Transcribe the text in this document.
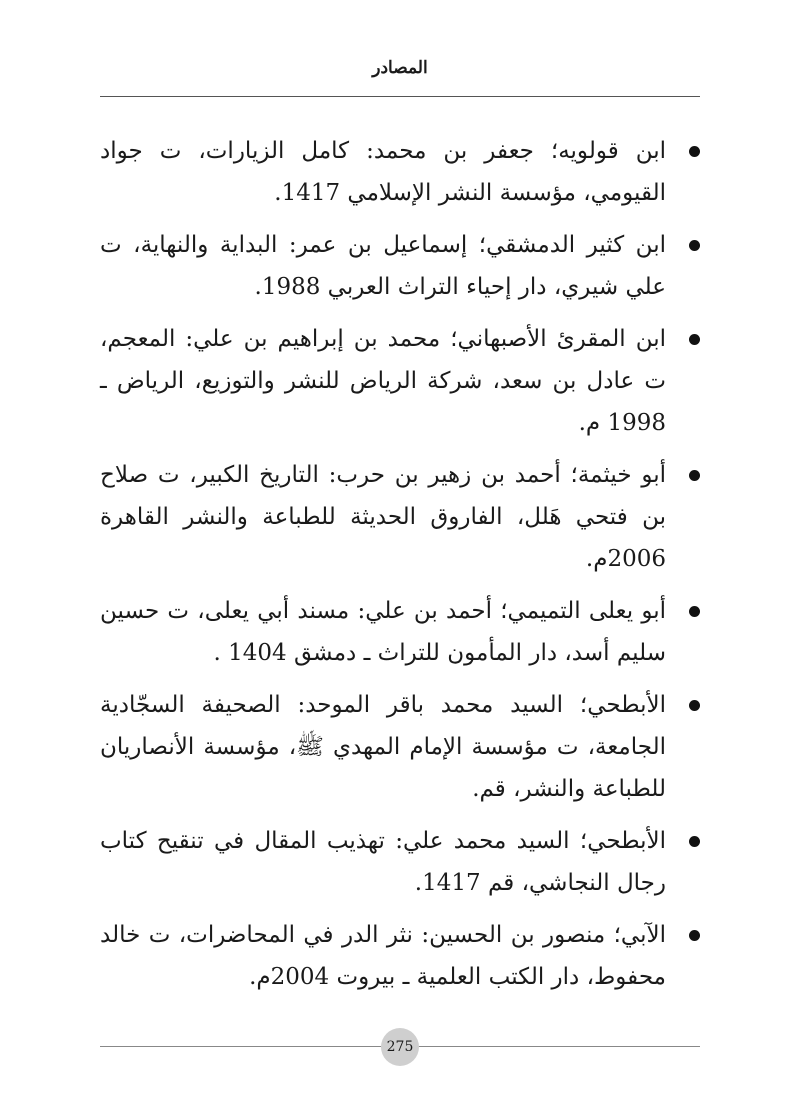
المصادر
ابن قولويه؛ جعفر بن محمد: كامل الزيارات، ت جواد القيومي، مؤسسة النشر الإسلامي 1417.
ابن كثير الدمشقي؛ إسماعيل بن عمر: البداية والنهاية، ت علي شيري، دار إحياء التراث العربي 1988.
ابن المقرئ الأصبهاني؛ محمد بن إبراهيم بن علي: المعجم، ت عادل بن سعد، شركة الرياض للنشر والتوزيع، الرياض ـ 1998 م.
أبو خيثمة؛ أحمد بن زهير بن حرب: التاريخ الكبير، ت صلاح بن فتحي هَلل، الفاروق الحديثة للطباعة والنشر القاهرة 2006م.
أبو يعلى التميمي؛ أحمد بن علي: مسند أبي يعلى، ت حسين سليم أسد، دار المأمون للتراث ـ دمشق 1404 .
الأبطحي؛ السيد محمد باقر الموحد: الصحيفة السجّادية الجامعة، ت مؤسسة الإمام المهدي ﷺ، مؤسسة الأنصاريان للطباعة والنشر، قم.
الأبطحي؛ السيد محمد علي: تهذيب المقال في تنقيح كتاب رجال النجاشي، قم 1417.
الآبي؛ منصور بن الحسين: نثر الدر في المحاضرات، ت خالد محفوط، دار الكتب العلمية ـ بيروت 2004م.
275
